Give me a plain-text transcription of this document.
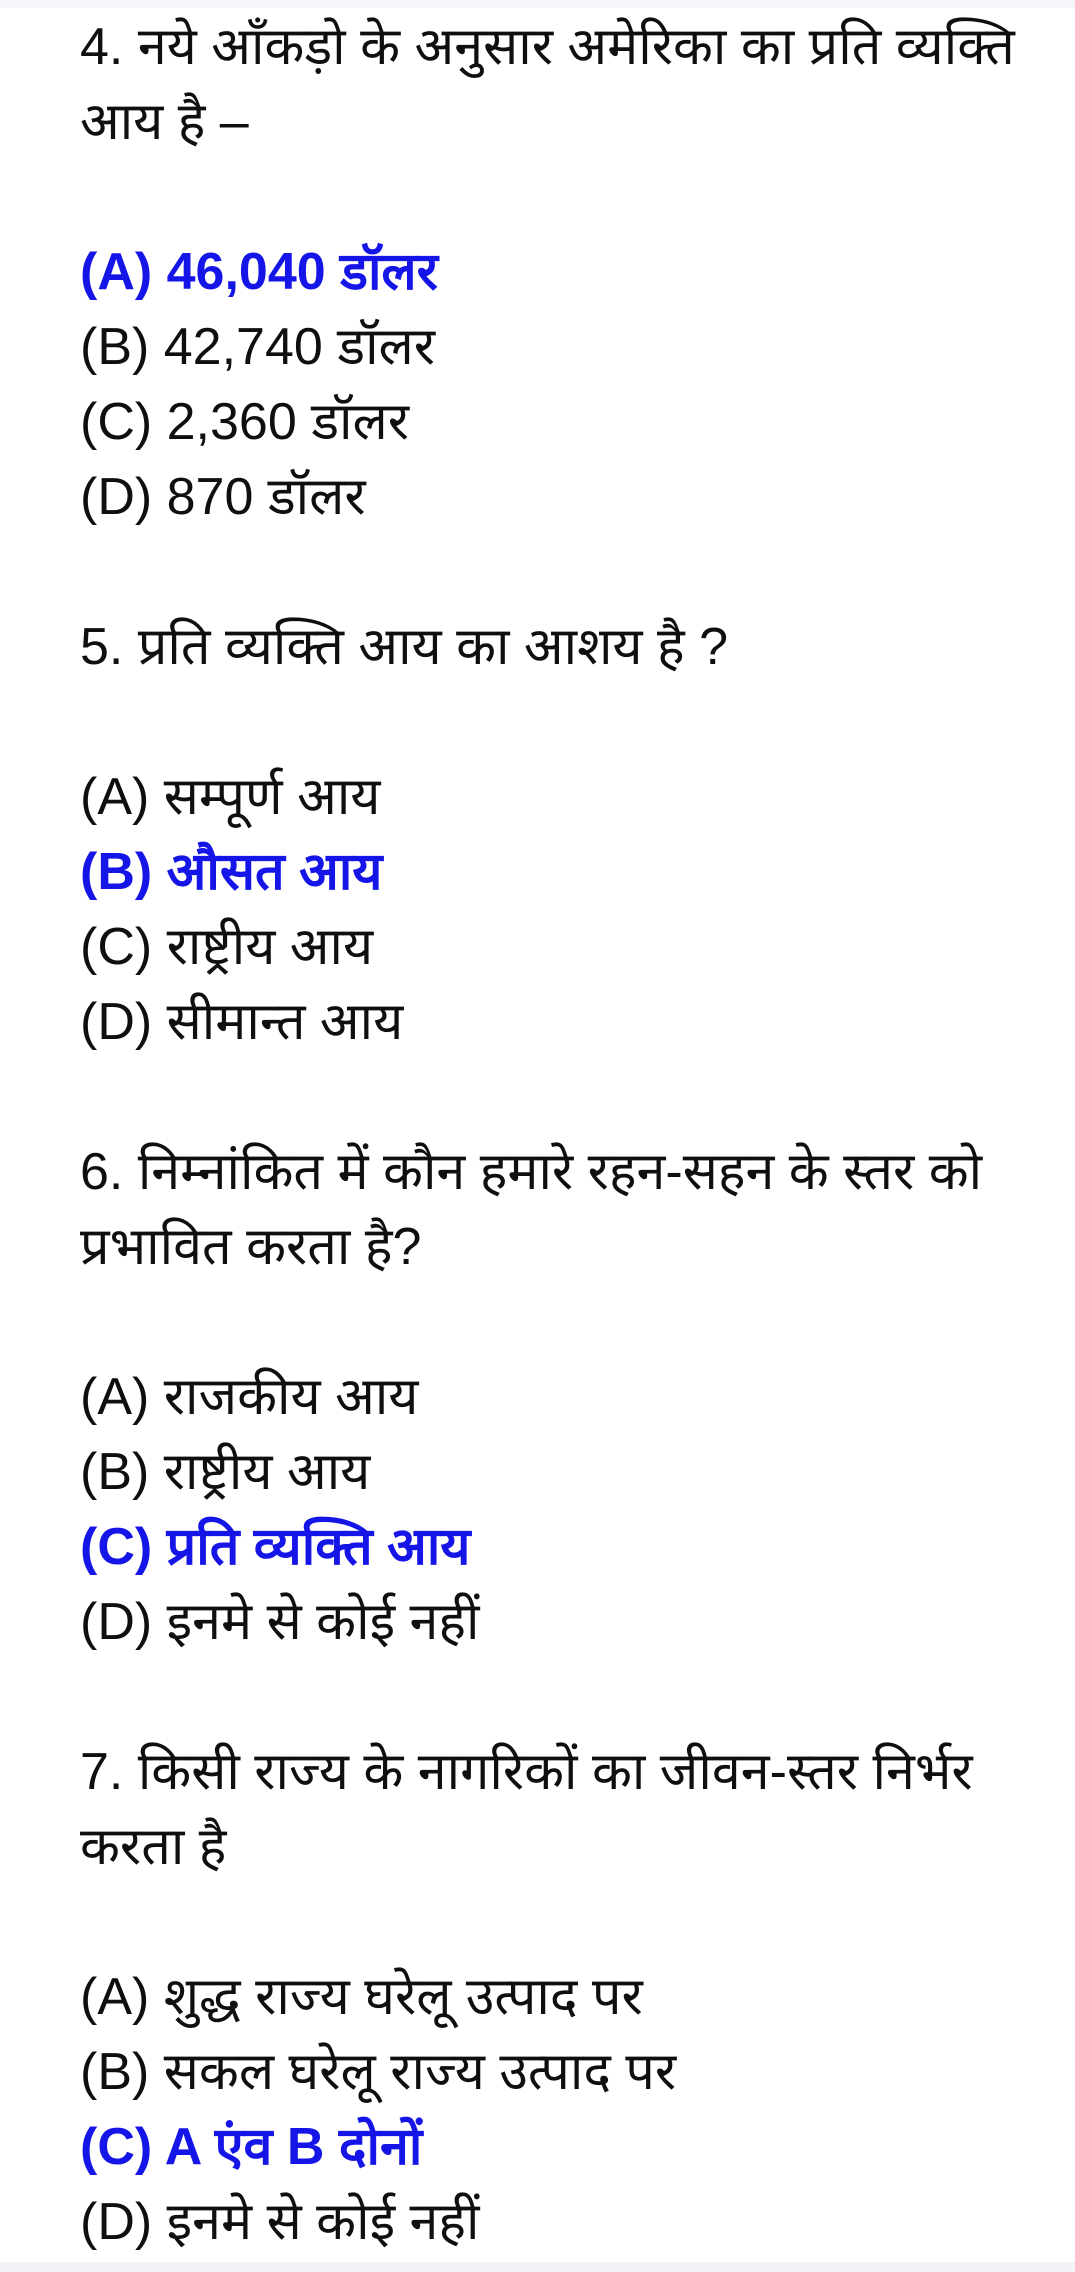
4. नये आँकड़ो के अनुसार अमेरिका का प्रति व्यक्ति
आय है –
(A) 46,040 डॉलर
(B) 42,740 डॉलर
(C) 2,360 डॉलर
(D) 870 डॉलर
5. प्रति व्यक्ति आय का आशय है ?
(A) सम्पूर्ण आय
(B) औसत आय
(C) राष्ट्रीय आय
(D) सीमान्त आय
6. निम्नांकित में कौन हमारे रहन-सहन के स्तर को
प्रभावित करता है?
(A) राजकीय आय
(B) राष्ट्रीय आय
(C) प्रति व्यक्ति आय
(D) इनमे से कोई नहीं
7. किसी राज्य के नागरिकों का जीवन-स्तर निर्भर
करता है
(A) शुद्ध राज्य घरेलू उत्पाद पर
(B) सकल घरेलू राज्य उत्पाद पर
(C) A एंव B दोनों
(D) इनमे से कोई नहीं
